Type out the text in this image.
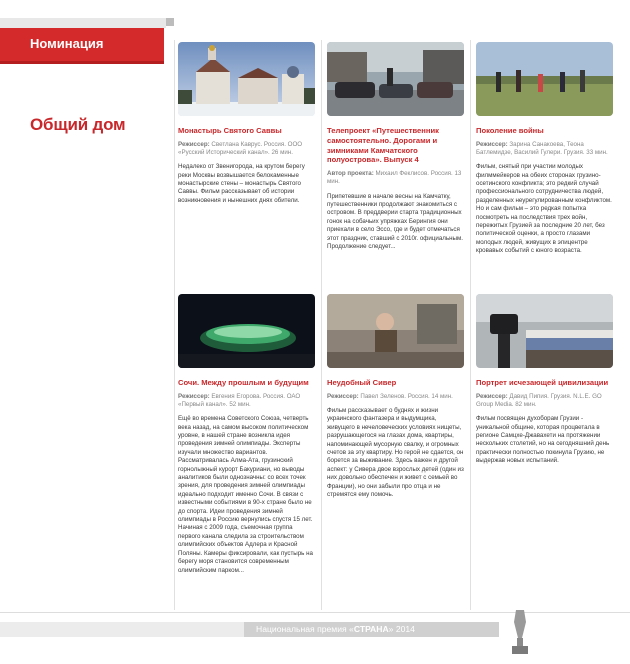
Номинация
Общий дом	Монастырь Святого Саввы
Режиссер: Светлана Каврус. Россия. ООО «Русский Исторический канал». 26 мин.
Недалеко от Звенигорода, на крутом берегу реки Москвы возвышается белокаменные монастырские стены – монастырь Святого Саввы. Фильм рассказывает об истории возникновения и нынешних днях обители.
Телепроект «Путешественник самостоятельно. Дорогами и зимниками Камчатского полуострова». Выпуск 4
Автор проекта: Михаил Феклисов. Россия. 13 мин.
Припетевшие в начале весны на Камчатку, путешественники продолжают знакомиться с островом. В преддверии старта традиционных гонок на собачьих упряжках Берингия они приехали в село Эссо, где и будет отмечаться этот праздник, ставший с 2010г. официальным. Продолжение следует...
Поколение войны
Режиссер: Зарина Санакоева, Теона Батлемидзе, Василий Гулери. Грузия. 33 мин.
Фильм, снятый при участии молодых филммейкеров на обеих сторонах грузино-осетинского конфликта; это редкий случай профессионального сотрудничества людей, разделенных неурегулированным конфликтом. Но и сам фильм – это редкая попытка посмотреть на последствия трех войн, пережитых Грузией за последние 20 лет, без политической оценки, а просто глазами молодых людей, живущих в эпицентре кровавых событий с юного возраста.
Сочи. Между прошлым и будущим
Режиссер: Евгения Егорова. Россия. ОАО «Первый канал». 52 мин.
Ещё во времена Советского Союза, четверть века назад, на самом высоком политическом уровне, в нашей стране возникла идея проведения зимней олимпиады. Эксперты изучали множество вариантов. Рассматривалась Алма-Ата, грузинский горнолыжный курорт Бакуриани, но выводы аналитиков были однозначны: со всех точек зрения, для проведения зимней олимпиады идеально подходит именно Сочи. В связи с известными событиями в 90-х стране было не до спорта. Идеи проведения зимней олимпиады в Россию вернулись спустя 15 лет. Начиная с 2009 года, съемочная группа первого канала следила за строительством олимпийских объектов Адлера и Красной Поляны. Камеры фиксировали, как пустырь на берегу моря становится современным олимпийским парком...
Неудобный Сивер
Режиссер: Павел Зеленов. Россия. 14 мин.
Фильм рассказывает о буднях и жизни украинского фантазера и выдумщика, живущего в нечеловеческих условиях нищеты, разрушающегося на глазах дома, квартиры, напоминающей мусорную свалку, и огромных счетов за эту квартиру. Но герой не сдается, он борется за выживание. Здесь важен и другой аспект: у Сивера двое взрослых детей (один из них довольно обеспечен и живет с семьей во Франции), но они забыли про отца и не стремятся ему помочь.
Портрет исчезающей цивилизации
Режиссер: Давид Пипия. Грузия. N.L.E. GO Group Media. 82 мин.
Фильм посвящен духоборам Грузии - уникальной общине, которая процветала в регионе Самцхе-Джавахети на протяжении нескольких столетий, но на сегодняшний день практически полностью покинула Грузию, не выдержав новых испытаний.
Национальная премия «СТРАНА» 2014
